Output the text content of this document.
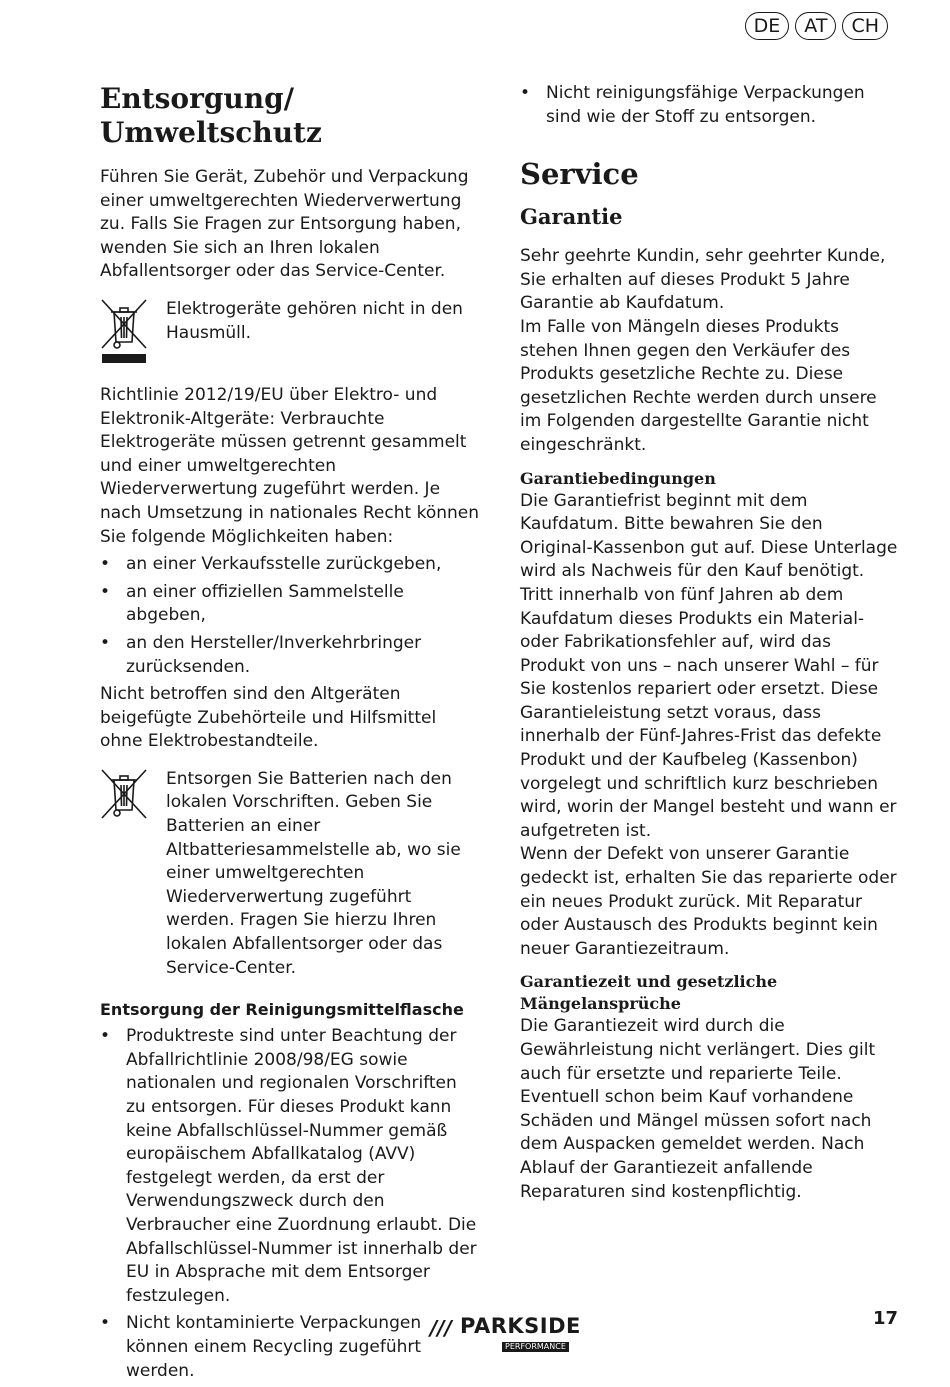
DE	AT	CH
Entsorgung/
Umweltschutz

Führen Sie Gerät, Zubehör und Verpackung einer umweltgerechten Wiederverwertung zu. Falls Sie Fragen zur Entsorgung haben, wenden Sie sich an Ihren lokalen Abfallentsorger oder das Service-Center.

Elektrogeräte gehören nicht in den Hausmüll.

Richtlinie 2012/19/EU über Elektro- und Elektronik-Altgeräte: Verbrauchte Elektrogeräte müssen getrennt gesammelt und einer umweltgerechten Wiederverwertung zugeführt werden. Je nach Umsetzung in nationales Recht können Sie folgende Möglichkeiten haben:

• an einer Verkaufsstelle zurückgeben,
• an einer offiziellen Sammelstelle abgeben,
• an den Hersteller/Inverkehrbringer zurücksenden.

Nicht betroffen sind den Altgeräten beigefügte Zubehörteile und Hilfsmittel ohne Elektrobestandteile.

Entsorgen Sie Batterien nach den lokalen Vorschriften. Geben Sie Batterien an einer Altbatteriesammelstelle ab, wo sie einer umweltgerechten Wiederverwertung zugeführt werden. Fragen Sie hierzu Ihren lokalen Abfallentsorger oder das Service-Center.

Entsorgung der Reinigungsmittelflasche
• Produktreste sind unter Beachtung der Abfallrichtlinie 2008/98/EG sowie nationalen und regionalen Vorschriften zu entsorgen. Für dieses Produkt kann keine Abfallschlüssel-Nummer gemäß europäischem Abfallkatalog (AVV) festgelegt werden, da erst der Verwendungszweck durch den Verbraucher eine Zuordnung erlaubt. Die Abfallschlüssel-Nummer ist innerhalb der EU in Absprache mit dem Entsorger festzulegen.
• Nicht kontaminierte Verpackungen können einem Recycling zugeführt werden.
• Nicht reinigungsfähige Verpackungen sind wie der Stoff zu entsorgen.
Service
Garantie

Sehr geehrte Kundin, sehr geehrter Kunde, Sie erhalten auf dieses Produkt 5 Jahre Garantie ab Kaufdatum.

Im Falle von Mängeln dieses Produkts stehen Ihnen gegen den Verkäufer des Produkts gesetzliche Rechte zu. Diese gesetzlichen Rechte werden durch unsere im Folgenden dargestellte Garantie nicht eingeschränkt.

Garantiebedingungen

Die Garantiefrist beginnt mit dem Kaufdatum. Bitte bewahren Sie den Original-Kassenbon gut auf. Diese Unterlage wird als Nachweis für den Kauf benötigt.

Tritt innerhalb von fünf Jahren ab dem Kaufdatum dieses Produkts ein Material- oder Fabrikationsfehler auf, wird das Produkt von uns – nach unserer Wahl – für Sie kostenlos repariert oder ersetzt. Diese Garantieleistung setzt voraus, dass innerhalb der Fünf-Jahres-Frist das defekte Produkt und der Kaufbeleg (Kassenbon) vorgelegt und schriftlich kurz beschrieben wird, worin der Mangel besteht und wann er aufgetreten ist.

Wenn der Defekt von unserer Garantie gedeckt ist, erhalten Sie das reparierte oder ein neues Produkt zurück. Mit Reparatur oder Austausch des Produkts beginnt kein neuer Garantiezeitraum.

Garantiezeit und gesetzliche Mängelansprüche

Die Garantiezeit wird durch die Gewährleistung nicht verlängert. Dies gilt auch für ersetzte und reparierte Teile. Eventuell schon beim Kauf vorhandene Schäden und Mängel müssen sofort nach dem Auspacken gemeldet werden. Nach Ablauf der Garantiezeit anfallende Reparaturen sind kostenpflichtig.

/// PARKSIDE
PERFORMANCE
17
